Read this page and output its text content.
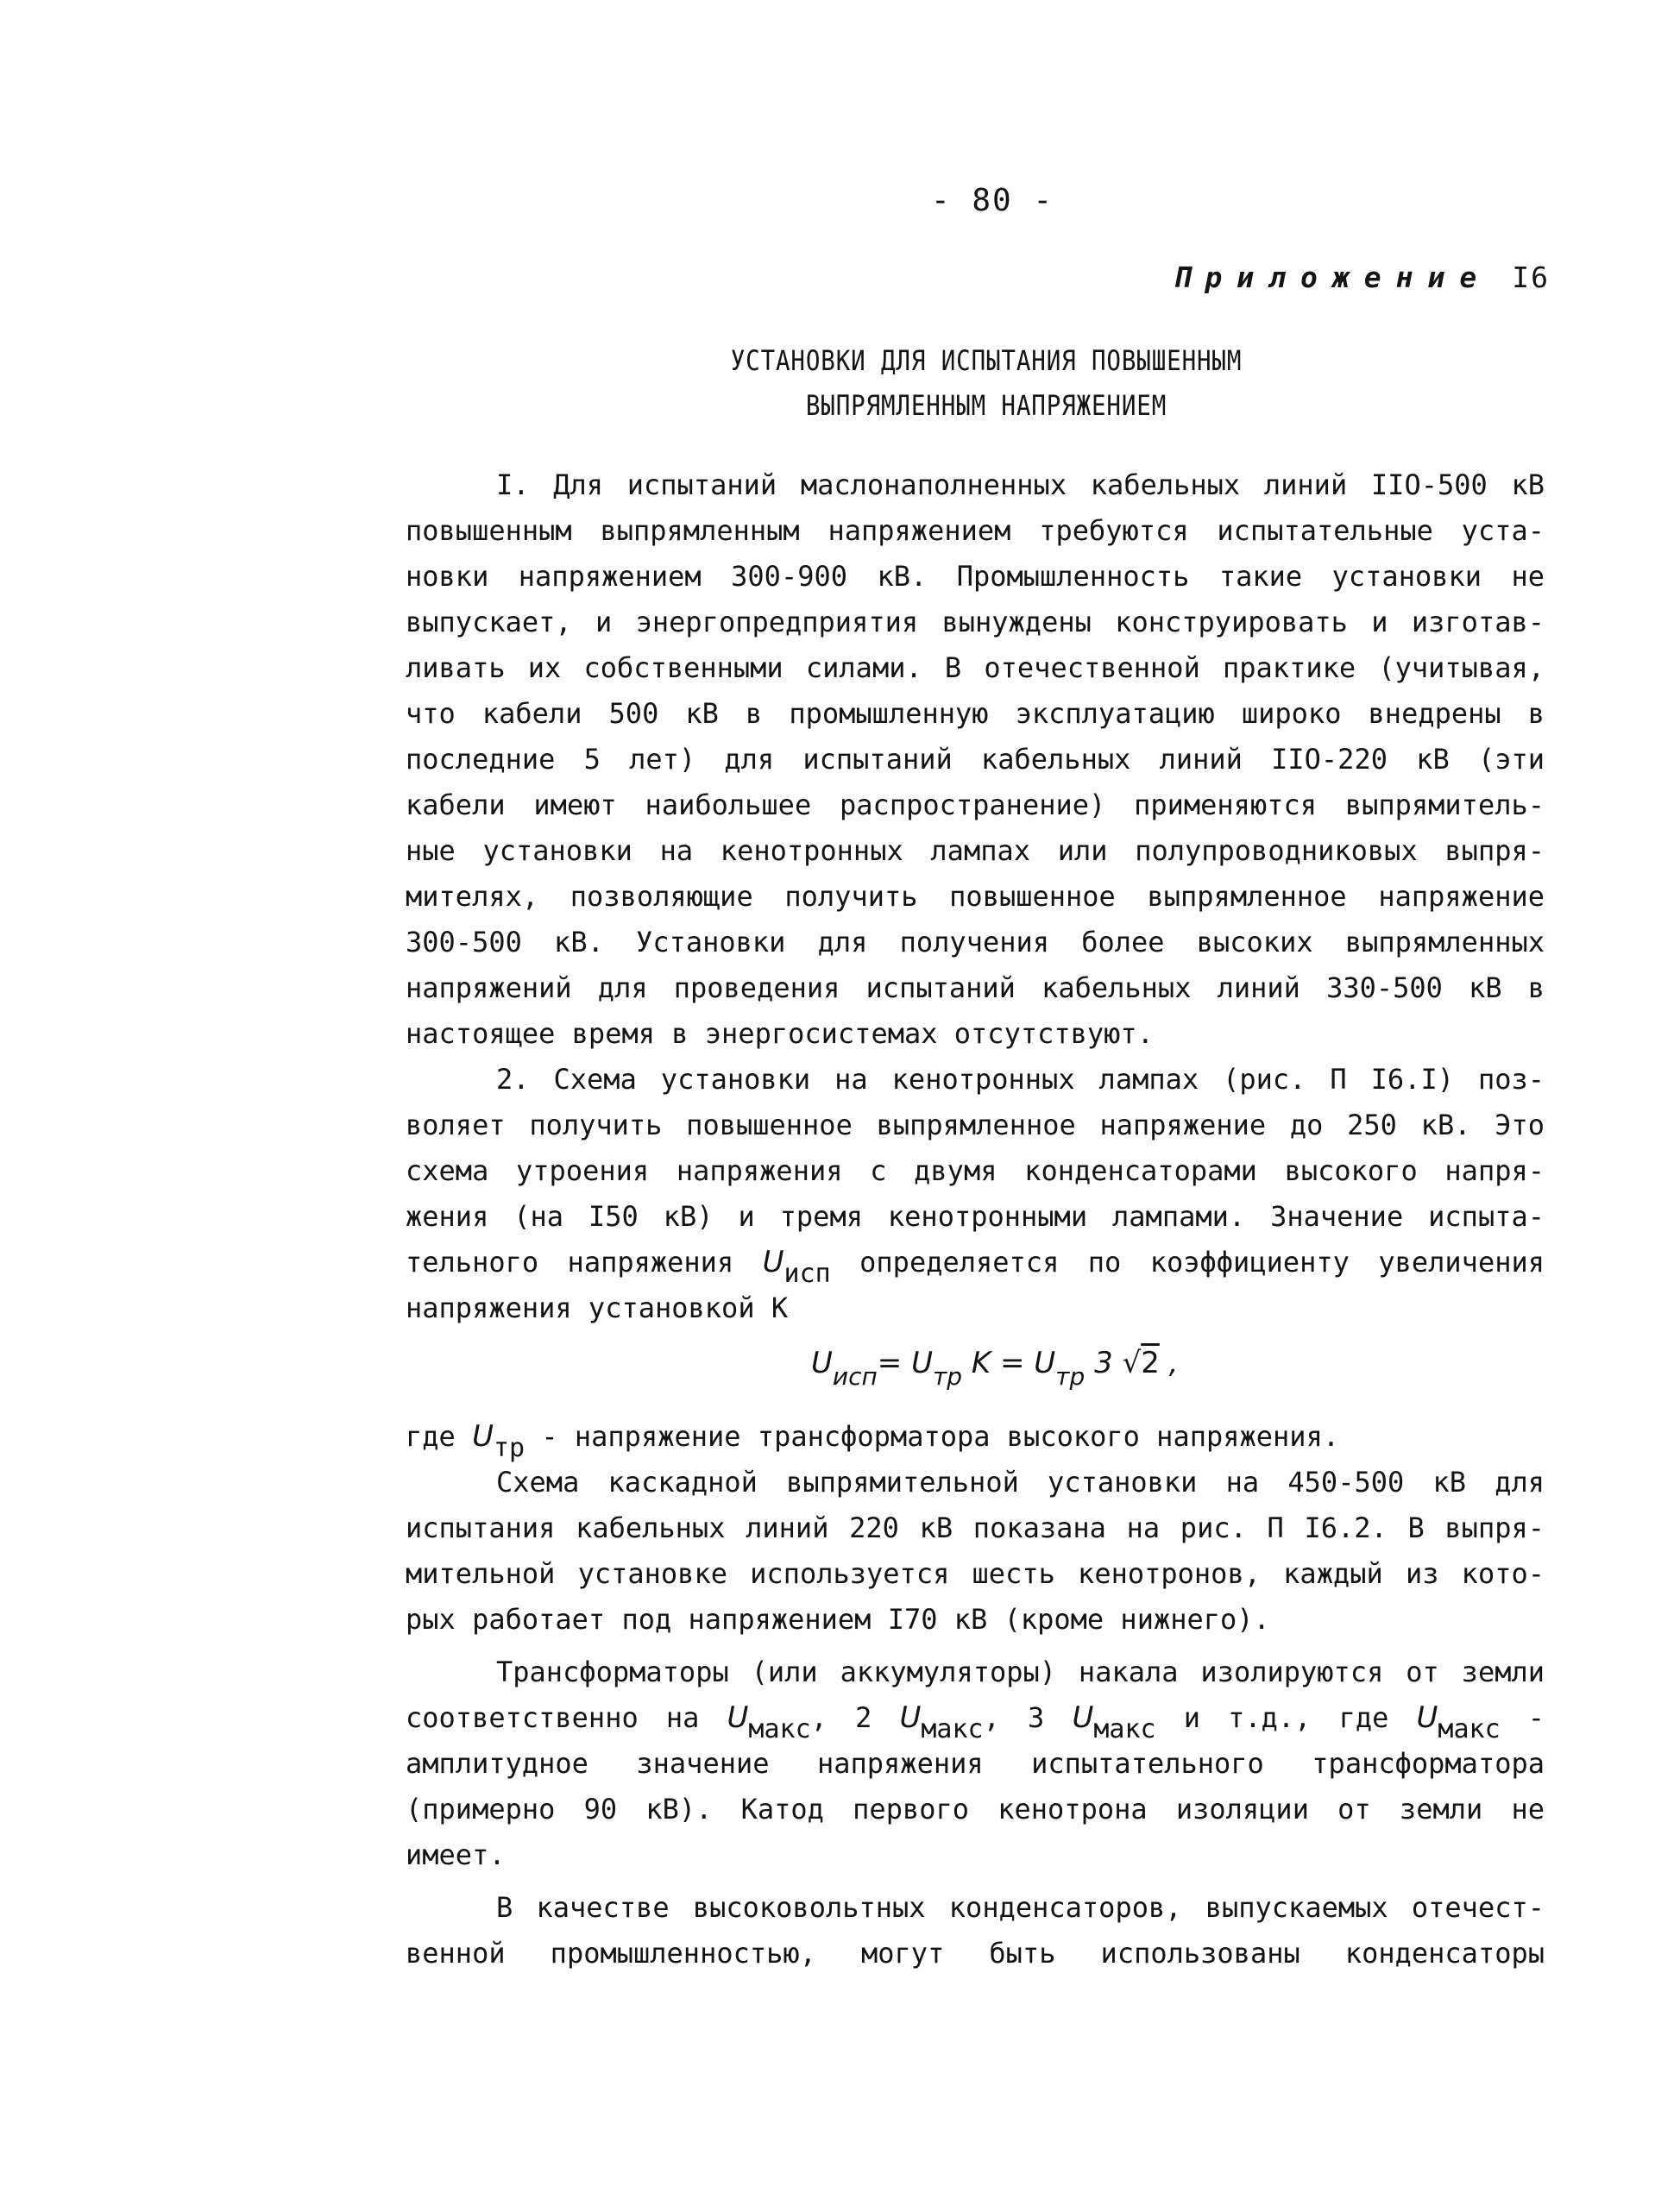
- 80 -
Приложение I6
УСТАНОВКИ ДЛЯ ИСПЫТАНИЯ ПОВЫШЕННЫМ
ВЫПРЯМЛЕННЫМ НАПРЯЖЕНИЕМ
I. Для испытаний маслонаполненных кабельных линий IIO-500 кВ
повышенным выпрямленным напряжением требуются испытательные уста-
новки напряжением 300-900 кВ. Промышленность такие установки не
выпускает, и энергопредприятия вынуждены конструировать и изготав-
ливать их собственными силами. В отечественной практике (учитывая,
что кабели 500 кВ в промышленную эксплуатацию широко внедрены в
последние 5 лет) для испытаний кабельных линий IIO-220 кВ (эти
кабели имеют наибольшее распространение) применяются выпрямитель-
ные установки на кенотронных лампах или полупроводниковых выпря-
мителях, позволяющие получить повышенное выпрямленное напряжение
300-500 кВ. Установки для получения более высоких выпрямленных
напряжений для проведения испытаний кабельных линий 330-500 кВ в
настоящее время в энергосистемах отсутствуют.
2. Схема установки на кенотронных лампах (рис. П I6.I) поз-
воляет получить повышенное выпрямленное напряжение до 250 кВ. Это
схема утроения напряжения с двумя конденсаторами высокого напря-
жения (на I50 кВ) и тремя кенотронными лампами. Значение испыта-
тельного напряжения Uисп определяется по коэффициенту увеличения
напряжения установкой К
$U_{исп}= U_{тр}$ $K = U_{тр}$ 3 √2 ,
где Uтр - напряжение трансформатора высокого напряжения.
Схема каскадной выпрямительной установки на 450-500 кВ для
испытания кабельных линий 220 кВ показана на рис. П I6.2. В выпря-
мительной установке используется шесть кенотронов, каждый из кото-
рых работает под напряжением I70 кВ (кроме нижнего).
Трансформаторы (или аккумуляторы) накала изолируются от земли
соответственно на Uмакс, 2 Uмакс, 3 Uмакс и т.д., где Uмакс -
амплитудное значение напряжения испытательного трансформатора
(примерно 90 кВ). Катод первого кенотрона изоляции от земли не
имеет.
В качестве высоковольтных конденсаторов, выпускаемых отечест-
венной промышленностью, могут быть использованы конденсаторы
